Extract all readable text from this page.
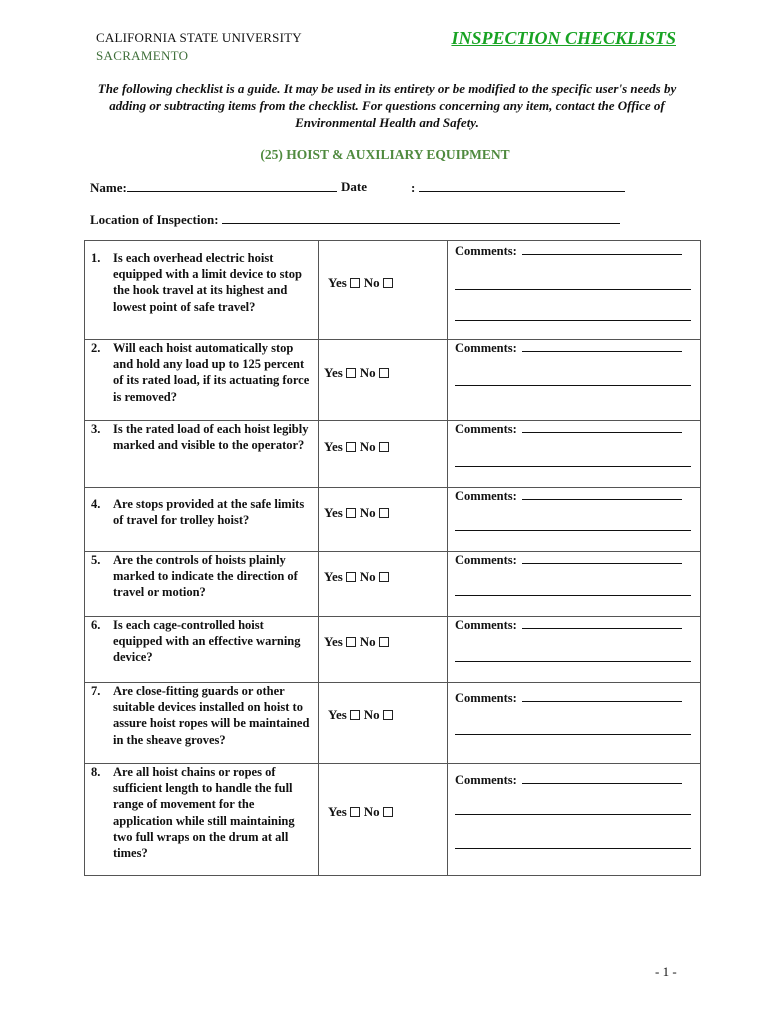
CALIFORNIA STATE UNIVERSITY
SACRAMENTO
INSPECTION CHECKLISTS
The following checklist is a guide. It may be used in its entirety or be modified to the specific user's needs by adding or subtracting items from the checklist. For questions concerning any item, contact the Office of Environmental Health and Safety.
(25) HOIST & AUXILIARY EQUIPMENT
Name:	Date	:
Location of Inspection:
1. Is each overhead electric hoist equipped with a limit device to stop the hook travel at its highest and lowest point of safe travel?
Yes No
Comments:
2. Will each hoist automatically stop and hold any load up to 125 percent of its rated load, if its actuating force is removed?
Yes No
Comments:
3. Is the rated load of each hoist legibly marked and visible to the operator?	Yes No
Comments:
4. Are stops provided at the safe limits of travel for trolley hoist?
Yes No
Comments:
5. Are the controls of hoists plainly marked to indicate the direction of travel or motion?
Yes No
Comments:
6. Is each cage-controlled hoist equipped with an effective warning device?
Yes No
Comments:
7. Are close-fitting guards or other suitable devices installed on hoist to assure hoist ropes will be maintained in the sheave groves?
Yes No
Comments:
8. Are all hoist chains or ropes of sufficient length to handle the full range of movement for the application while still maintaining two full wraps on the drum at all times?
Yes No
Comments:
- 1 -
